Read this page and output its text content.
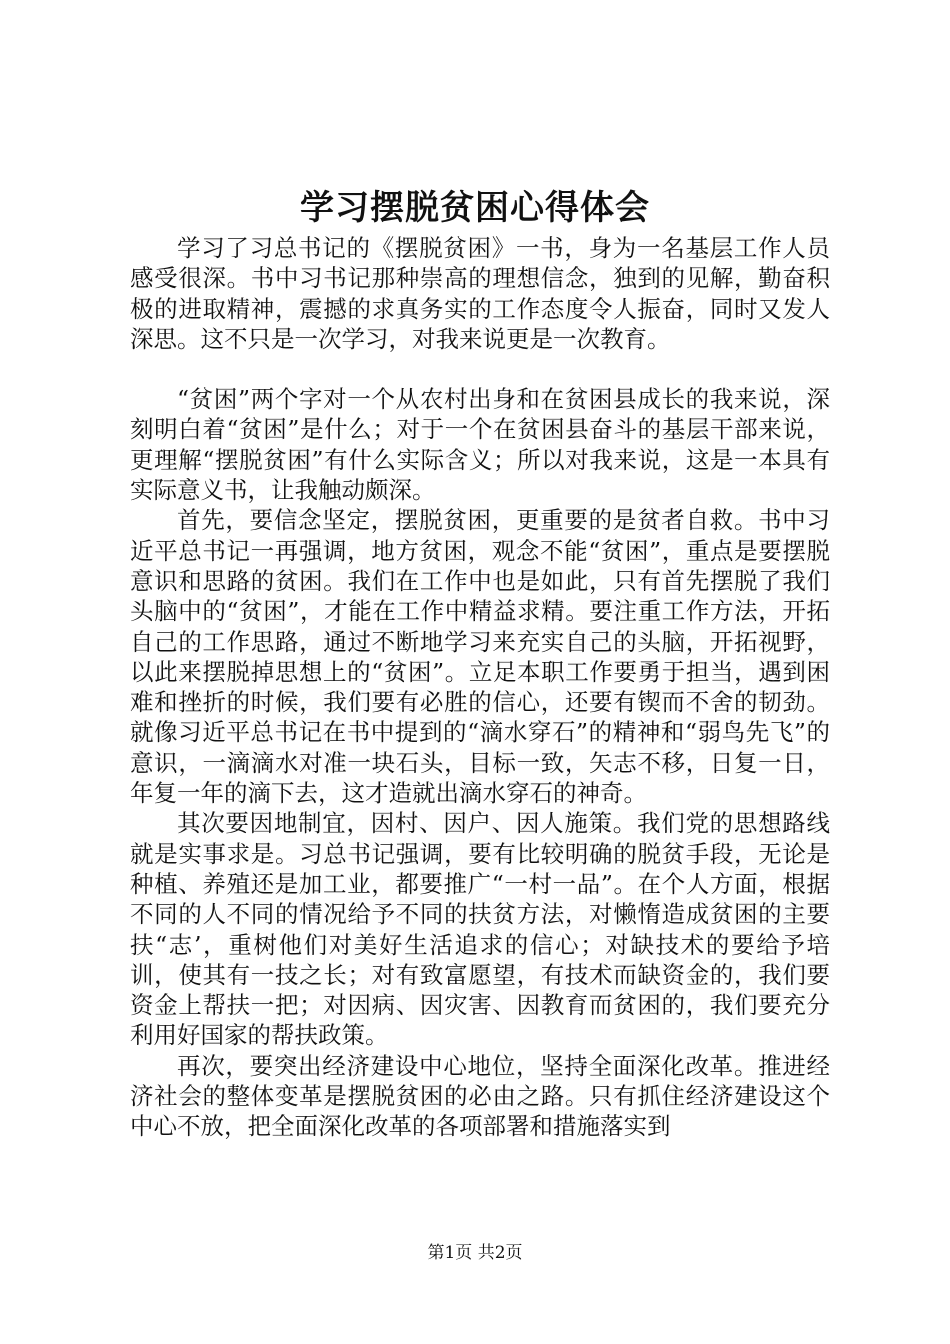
学习摆脱贫困心得体会

学习了习总书记的《摆脱贫困》一书，身为一名基层工作人员感受很深。书中习书记那种崇高的理想信念，独到的见解，勤奋积极的进取精神，震撼的求真务实的工作态度令人振奋，同时又发人深思。这不只是一次学习，对我来说更是一次教育。

“贫困”两个字对一个从农村出身和在贫困县成长的我来说，深刻明白着“贫困”是什么；对于一个在贫困县奋斗的基层干部来说，更理解“摆脱贫困”有什么实际含义；所以对我来说，这是一本具有实际意义书，让我触动颇深。

首先，要信念坚定，摆脱贫困，更重要的是贫者自救。书中习近平总书记一再强调，地方贫困，观念不能“贫困”，重点是要摆脱意识和思路的贫困。我们在工作中也是如此，只有首先摆脱了我们头脑中的“贫困”，才能在工作中精益求精。要注重工作方法，开拓自己的工作思路，通过不断地学习来充实自己的头脑，开拓视野，以此来摆脱掉思想上的“贫困”。立足本职工作要勇于担当，遇到困难和挫折的时候，我们要有必胜的信心，还要有锲而不舍的韧劲。就像习近平总书记在书中提到的“滴水穿石”的精神和“弱鸟先飞”的意识，一滴滴水对准一块石头，目标一致，矢志不移，日复一日，年复一年的滴下去，这才造就出滴水穿石的神奇。

其次要因地制宜，因村、因户、因人施策。我们党的思想路线就是实事求是。习总书记强调，要有比较明确的脱贫手段，无论是种植、养殖还是加工业，都要推广“一村一品”。在个人方面，根据不同的人不同的情况给予不同的扶贫方法，对懒惰造成贫困的主要扶“志’，重树他们对美好生活追求的信心；对缺技术的要给予培训，使其有一技之长；对有致富愿望，有技术而缺资金的，我们要资金上帮扶一把；对因病、因灾害、因教育而贫困的，我们要充分利用好国家的帮扶政策。

再次，要突出经济建设中心地位，坚持全面深化改革。推进经济社会的整体变革是摆脱贫困的必由之路。只有抓住经济建设这个中心不放，把全面深化改革的各项部署和措施落实到

第1页 共2页
